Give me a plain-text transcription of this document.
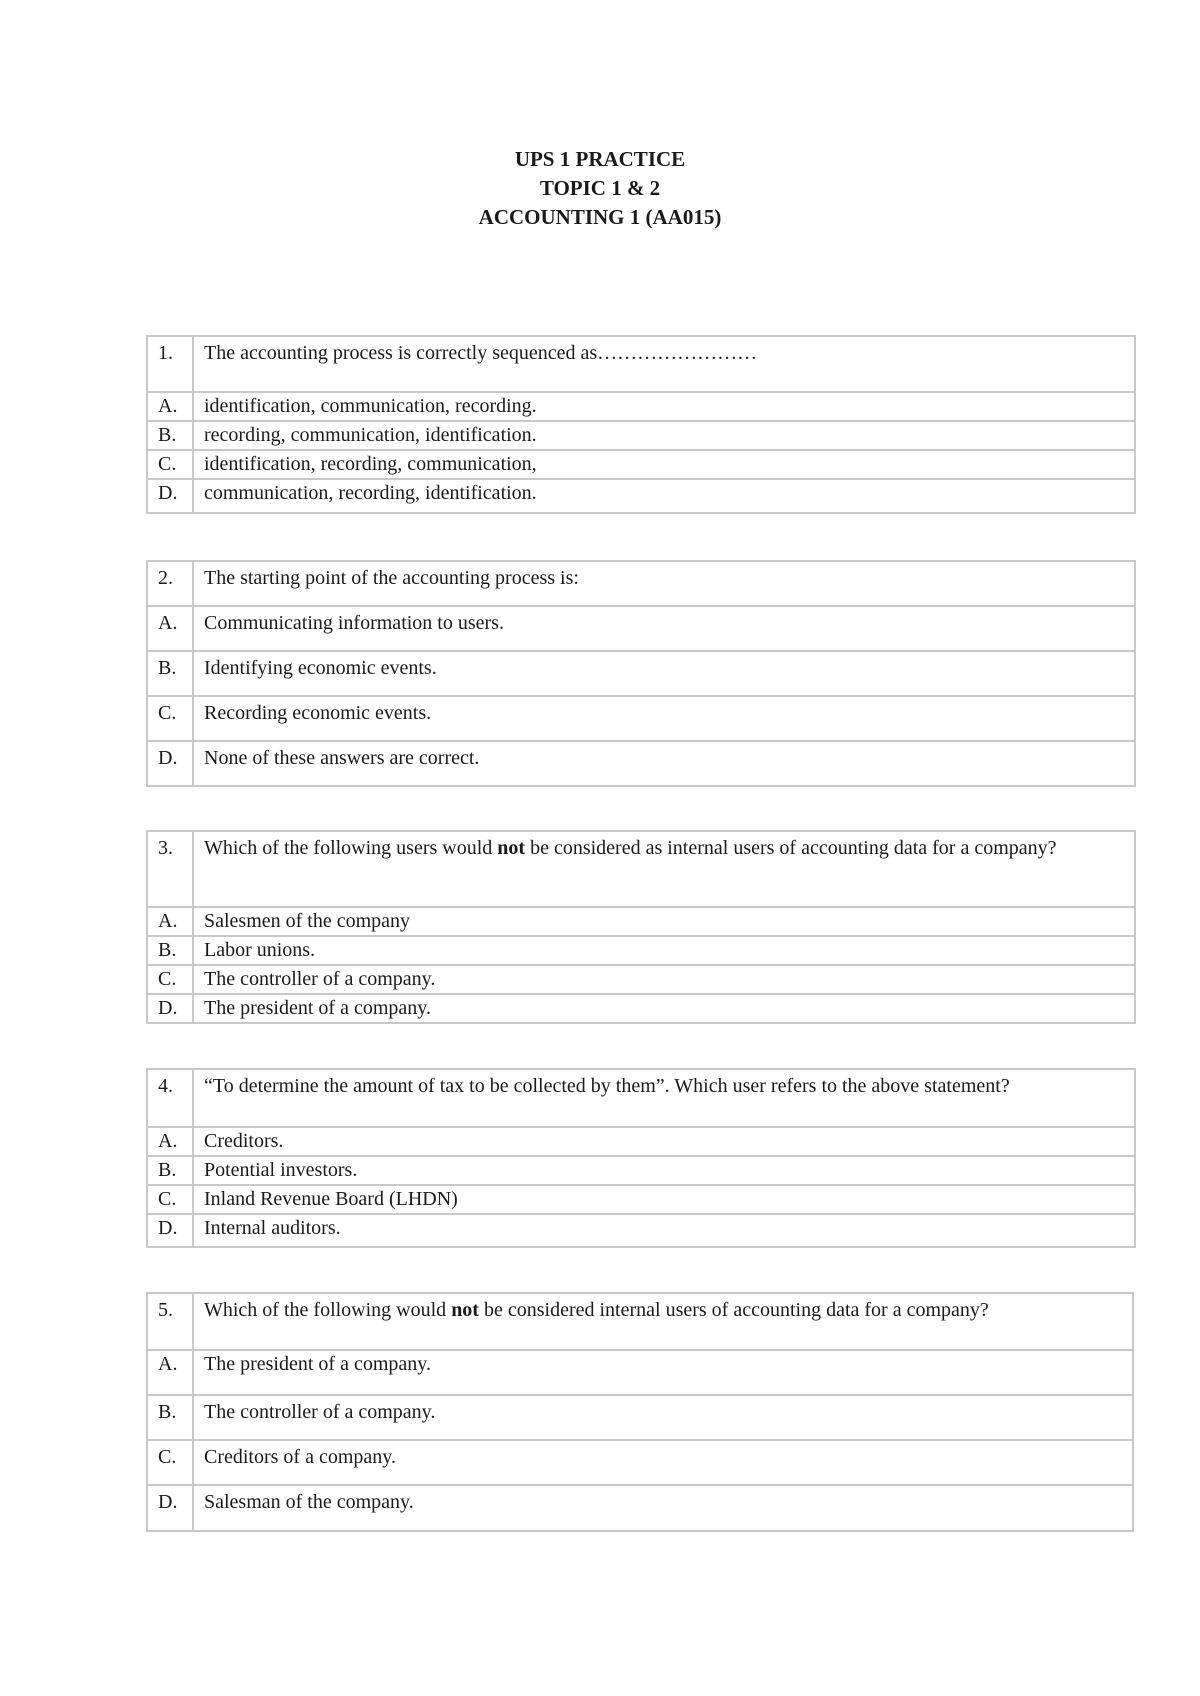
UPS 1 PRACTICE
TOPIC 1 & 2
ACCOUNTING 1 (AA015)
1.	The accounting process is correctly sequenced as……………………
A.	identification, communication, recording.
B.	recording, communication, identification.
C.	identification, recording, communication,
D.	communication, recording, identification.
2.	The starting point of the accounting process is:
A.	Communicating information to users.
B.	Identifying economic events.
C.	Recording economic events.
D.	None of these answers are correct.
3.	Which of the following users would not be considered as internal users of accounting data for a company?
A.	Salesmen of the company
B.	Labor unions.
C.	The controller of a company.
D.	The president of a company.
4.	“To determine the amount of tax to be collected by them”. Which user refers to the above statement?
A.	Creditors.
B.	Potential investors.
C.	Inland Revenue Board (LHDN)
D.	Internal auditors.
5.	Which of the following would not be considered internal users of accounting data for a company?
A.	The president of a company.
B.	The controller of a company.
C.	Creditors of a company.
D.	Salesman of the company.
